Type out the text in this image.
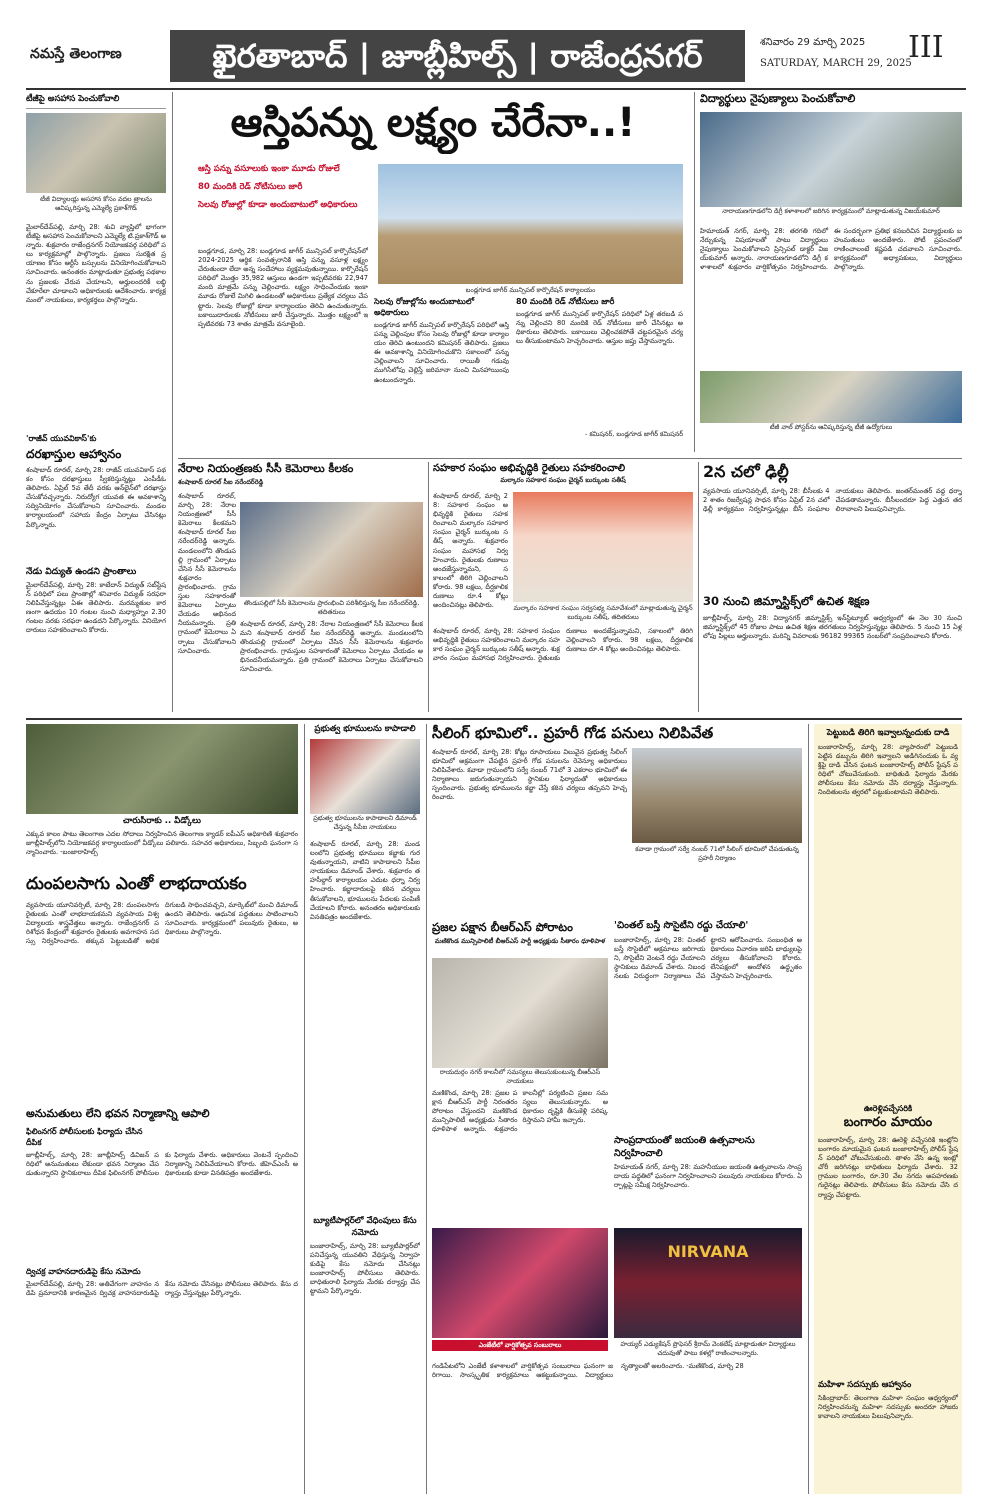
నమస్తే తెలంగాణ	ఖైరతాబాద్ | జూబ్లీహిల్స్ | రాజేంద్రనగర్	శనివారం 29 మార్చి 2025
SATURDAY, MARCH 29, 2025
III
టీజీపై అసహాస పెంచుకోవాలి
టీజీ విద్యాలయ్ల అసహాన కోసం వదల త్రాలను ఆవిష్కరిస్తున్న ఎమ్మెల్యే ప్రకాశ్‌గౌడ్
మైలార్‌దేవ్‌పల్లి, మార్చి 28: శుచి వ్యాప్తిలో భాగంగా టీజీపై అసహాన పెంచుకోవాలని ఎమ్మెల్యే టి.ప్రకాశ్‌గౌడ్ అన్నారు. శుక్రవారం రాజేంద్రనగర్ నియోజకవర్గ పరిధిలో పలు కార్యక్రమాల్లో పాల్గొన్నారు. ప్రజలు సురక్షిత ప్రయాణం కోసం ఆర్టీసీ బస్సులను వినియోగించుకోవాలని సూచించారు. అనంతరం మాట్లాడుతూ ప్రభుత్వ పథకాలను ప్రజలకు చేరువ చేయాలని, అర్హులందరికీ లబ్ధి చేకూరేలా చూడాలని అధికారులకు ఆదేశించారు. కార్యక్రమంలో నాయకులు, కార్యకర్తలు పాల్గొన్నారు.
'రాజీవ్ యువవికాస్'కు
దరఖాస్తుల ఆహ్వానం
శంషాబాద్ రూరల్, మార్చి 28: రాజీవ్ యువవికాస్ పథకం కోసం దరఖాస్తులు స్వీకరిస్తున్నట్లు ఎంపీడీఓ తెలిపారు. ఏప్రిల్ 5వ తేదీ వరకు ఆన్‌లైన్‌లో దరఖాస్తు చేసుకోవచ్చన్నారు. నిరుద్యోగ యువత ఈ అవకాశాన్ని సద్వినియోగం చేసుకోవాలని సూచించారు. మండల కార్యాలయంలో సహాయ కేంద్రం ఏర్పాటు చేసినట్లు పేర్కొన్నారు.
నేడు విద్యుత్ ఉండని ప్రాంతాలు
మైలార్‌దేవ్‌పల్లి, మార్చి 28: కాటేదాన్ విద్యుత్ సబ్‌స్టేషన్ పరిధిలో పలు ప్రాంతాల్లో శనివారం విద్యుత్ సరఫరా నిలిపివేస్తున్నట్లు ఏఈ తెలిపారు. మరమ్మతుల కారణంగా ఉదయం 10 గంటల నుంచి మధ్యాహ్నం 2.30 గంటల వరకు సరఫరా ఉండదని పేర్కొన్నారు. వినియోగదారులు సహకరించాలని కోరారు.
ఆస్తిపన్ను లక్ష్యం చేరేనా..!
ఆస్తి పన్ను వసూలుకు ఇంకా మూడు రోజులే
80 మందికి రెడ్ నోటీసులు జారీ
సెలవు రోజుల్లో కూడా అందుబాటులో అధికారులు
బండ్లగూడ జాగీర్ మున్సిపల్ కార్పొరేషన్ కార్యాలయం
బండ్లగూడ, మార్చి 28: బండ్లగూడ జాగీర్ మున్సిపల్ కార్పొరేషన్‌లో 2024-2025 ఆర్థిక సంవత్సరానికి ఆస్తి పన్ను వసూళ్ల లక్ష్యం చేరుతుందా లేదా అన్న సందేహాలు వ్యక్తమవుతున్నాయి. కార్పొరేషన్ పరిధిలో మొత్తం 35,982 ఆస్తులు ఉండగా ఇప్పటివరకు 22,947 మంది మాత్రమే పన్ను చెల్లించారు. లక్ష్యం సాధించేందుకు ఇంకా మూడు రోజులే మిగిలి ఉండటంతో అధికారులు ప్రత్యేక చర్యలు చేపట్టారు. సెలవు రోజుల్లో కూడా కార్యాలయం తెరిచి ఉంచుతున్నారు. బకాయిదారులకు నోటీసులు జారీ చేస్తున్నారు. మొత్తం లక్ష్యంలో ఇప్పటివరకు 73 శాతం మాత్రమే వసూలైంది.
సెలవు రోజుల్లోను అందుబాటులో అధికారులు
బండ్లగూడ జాగీర్ మున్సిపల్ కార్పొరేషన్ పరిధిలో ఆస్తి పన్ను చెల్లింపుల కోసం సెలవు రోజుల్లో కూడా కార్యాలయం తెరిచి ఉంటుందని కమిషనర్ తెలిపారు. ప్రజలు ఈ అవకాశాన్ని వినియోగించుకొని సకాలంలో పన్ను చెల్లించాలని సూచించారు. రాయితీ గడువు ముగిసేలోపు చెల్లిస్తే జరిమానా నుంచి మినహాయింపు ఉంటుందన్నారు.
80 మందికి రెడ్ నోటీసులు జారీ
బండ్లగూడ జాగీర్ మున్సిపల్ కార్పొరేషన్ పరిధిలో ఏళ్ల తరబడి పన్ను చెల్లించని 80 మందికి రెడ్ నోటీసులు జారీ చేసినట్లు అధికారులు తెలిపారు. బకాయిలు చెల్లించకపోతే చట్టపరమైన చర్యలు తీసుకుంటామని హెచ్చరించారు. ఆస్తుల జప్తు చేస్తామన్నారు.
- కమిషనర్, బండ్లగూడ జాగీర్ కమిషనర్
విద్యార్థులు నైపుణ్యాలు పెంచుకోవాలి
నారాయణగూడలోని డిగ్రీ కళాశాలలో జరిగిన కార్యక్రమంలో మాట్లాడుతున్న విజయ్‌కుమార్
హిమాయత్ నగర్, మార్చి 28: తరగతి గదిలో నేర్చుకున్న విషయాలతో పాటు విద్యార్థులు నైపుణ్యాలు పెంచుకోవాలని ప్రిన్సిపల్ డాక్టర్ విజయ్‌కుమార్ అన్నారు. నారాయణగూడలోని డిగ్రీ కళాశాలలో శుక్రవారం వార్షికోత్సవం నిర్వహించారు. ఈ సందర్భంగా ప్రతిభ కనబరిచిన విద్యార్థులకు బహుమతులు అందజేశారు. పోటీ ప్రపంచంలో రాణించాలంటే కష్టపడి చదవాలని సూచించారు. కార్యక్రమంలో అధ్యాపకులు, విద్యార్థులు పాల్గొన్నారు.
టీజీ వాల్ పోస్టర్‌ను ఆవిష్కరిస్తున్న టీజీ ఉద్యోగులు
నేరాల నియంత్రణకు సీసీ కెమెరాలు కీలకం
శంషాబాద్ రూరల్ సీఐ నరేందర్‌రెడ్డి
శంషాబాద్ రూరల్, మార్చి 28: నేరాల నియంత్రణలో సీసీ కెమెరాలు కీలకమని శంషాబాద్ రూరల్ సీఐ నరేందర్‌రెడ్డి అన్నారు. మండలంలోని తొండుపల్లి గ్రామంలో ఏర్పాటు చేసిన సీసీ కెమెరాలను శుక్రవారం ప్రారంభించారు. గ్రామస్తుల సహకారంతో కెమెరాలు ఏర్పాటు చేయడం అభినందనీయమన్నారు. ప్రతి గ్రామంలో కెమెరాలు ఏర్పాటు చేసుకోవాలని సూచించారు.
తొండుపల్లిలో సీసీ కెమెరాలను ప్రారంభించి పరిశీలిస్తున్న సీఐ నరేందర్‌రెడ్డి, తదితరులు
శంషాబాద్ రూరల్, మార్చి 28: నేరాల నియంత్రణలో సీసీ కెమెరాలు కీలకమని శంషాబాద్ రూరల్ సీఐ నరేందర్‌రెడ్డి అన్నారు. మండలంలోని తొండుపల్లి గ్రామంలో ఏర్పాటు చేసిన సీసీ కెమెరాలను శుక్రవారం ప్రారంభించారు. గ్రామస్తుల సహకారంతో కెమెరాలు ఏర్పాటు చేయడం అభినందనీయమన్నారు. ప్రతి గ్రామంలో కెమెరాలు ఏర్పాటు చేసుకోవాలని సూచించారు.
సహకార సంఘం అభివృద్ధికి రైతులు సహకరించాలి
మల్కారం సహకార సంఘం చైర్మన్ బుర్కుంట సతీష్
శంషాబాద్ రూరల్, మార్చి 28: సహకార సంఘం అభివృద్ధికి రైతులు సహకరించాలని మల్కారం సహకార సంఘం చైర్మన్ బుర్కుంట సతీష్ అన్నారు. శుక్రవారం సంఘం మహాసభ నిర్వహించారు. రైతులకు రుణాలు అందజేస్తున్నామని, సకాలంలో తిరిగి చెల్లించాలని కోరారు. 98 లక్షలు, దీర్ఘకాలిక రుణాలు రూ.4 కోట్లు అందించినట్లు తెలిపారు.	మల్కారం సహకార సంఘం సర్వసభ్య సమావేశంలో మాట్లాడుతున్న చైర్మన్ బుర్కుంట సతీష్, తదితరులు
శంషాబాద్ రూరల్, మార్చి 28: సహకార సంఘం అభివృద్ధికి రైతులు సహకరించాలని మల్కారం సహకార సంఘం చైర్మన్ బుర్కుంట సతీష్ అన్నారు. శుక్రవారం సంఘం మహాసభ నిర్వహించారు. రైతులకు రుణాలు అందజేస్తున్నామని, సకాలంలో తిరిగి చెల్లించాలని కోరారు. 98 లక్షలు, దీర్ఘకాలిక రుణాలు రూ.4 కోట్లు అందించినట్లు తెలిపారు.
2న చలో ఢిల్లీ
వ్యవసాయ యూనివర్సిటీ, మార్చి 28: బీసీలకు 42 శాతం రిజర్వేషన్ల సాధన కోసం ఏప్రిల్ 2న చలో ఢిల్లీ కార్యక్రమం నిర్వహిస్తున్నట్లు బీసీ సంఘాల నాయకులు తెలిపారు. జంతర్‌మంతర్ వద్ద ధర్నా చేపడతామన్నారు. బీసీలందరూ పెద్ద ఎత్తున తరలిరావాలని పిలుపునిచ్చారు.
30 నుంచి జిమ్నాస్టిక్స్‌లో ఉచిత శిక్షణ
జూబ్లీహిల్స్, మార్చి 28: విద్యానగర్ జిమ్నాస్టిక్స్ ఇన్‌స్టిట్యూట్ ఆధ్వర్యంలో ఈ నెల 30 నుంచి జిమ్నాస్టిక్స్‌లో 45 రోజుల పాటు ఉచిత శిక్షణ తరగతులు నిర్వహిస్తున్నట్లు తెలిపారు. 5 నుంచి 15 ఏళ్ల లోపు పిల్లలు అర్హులన్నారు. మరిన్ని వివరాలకు 96182 99365 నంబర్‌లో సంప్రదించాలని కోరారు.
చారుసీరాకు .. వీడ్కోలు
ఎక్కువ కాలం పాటు తెలంగాణ ఎదల సోదాలు నిర్వహించిన తెలంగాణ క్యాడర్ ఐపీఎస్ అధికారిణి శుక్రవారం జూబ్లీహిల్స్‌లోని నియోజకవర్గ కార్యాలయంలో వీడ్కోలు పలికారు. సహచర అధికారులు, సిబ్బంది ఘనంగా సన్మానించారు. -బంజారాహిల్స్
దుంపలసాగు ఎంతో లాభదాయకం
వ్యవసాయ యూనివర్సిటీ, మార్చి 28: దుంపలసాగు రైతులకు ఎంతో లాభదాయకమని వ్యవసాయ విశ్వవిద్యాలయ శాస్త్రవేత్తలు అన్నారు. రాజేంద్రనగర్ పరిశోధన కేంద్రంలో శుక్రవారం రైతులకు అవగాహన సదస్సు నిర్వహించారు. తక్కువ పెట్టుబడితో అధిక దిగుబడి సాధించవచ్చని, మార్కెట్‌లో మంచి డిమాండ్ ఉందని తెలిపారు. ఆధునిక పద్ధతులు పాటించాలని సూచించారు. కార్యక్రమంలో పలువురు రైతులు, అధికారులు పాల్గొన్నారు.
అనుమతులు లేని భవన నిర్మాణాన్ని ఆపాలి
ఫిలింనగర్ పోలీసులకు ఫిర్యాదు చేసిన దీపిక
జూబ్లీహిల్స్, మార్చి 28: జూబ్లీహిల్స్ డివిజన్ పరిధిలో అనుమతులు లేకుండా భవన నిర్మాణం చేపడుతున్నారని స్థానికురాలు దీపిక ఫిలింనగర్ పోలీసులకు ఫిర్యాదు చేశారు. అధికారులు వెంటనే స్పందించి నిర్మాణాన్ని నిలిపివేయాలని కోరారు. జీహెచ్‌ఎంసీ అధికారులకు కూడా వినతిపత్రం అందజేశారు.
ద్విచక్ర వాహనదారుడిపై కేసు నమోదు
మైలార్‌దేవ్‌పల్లి, మార్చి 28: అతివేగంగా వాహనం నడిపి ప్రమాదానికి కారణమైన ద్విచక్ర వాహనదారుడిపై కేసు నమోదు చేసినట్లు పోలీసులు తెలిపారు. కేసు దర్యాప్తు చేస్తున్నట్లు పేర్కొన్నారు.
ప్రభుత్వ భూములను కాపాడాలి
ప్రభుత్వ భూములను కాపాడాలని డిమాండ్ చేస్తున్న సీపీఐ నాయకులు
శంషాబాద్ రూరల్, మార్చి 28: మండలంలోని ప్రభుత్వ భూములు కబ్జాకు గురవుతున్నాయని, వాటిని కాపాడాలని సీపీఐ నాయకులు డిమాండ్ చేశారు. శుక్రవారం తహసీల్దార్ కార్యాలయం ఎదుట ధర్నా నిర్వహించారు. కబ్జాదారులపై కఠిన చర్యలు తీసుకోవాలని, భూములను పేదలకు పంపిణీ చేయాలని కోరారు. అనంతరం అధికారులకు వినతిపత్రం అందజేశారు.
బ్యూటీపార్లర్‌లో వేధింపులు కేసు నమోదు
బంజారాహిల్స్, మార్చి 28: బ్యూటీపార్లర్‌లో పనిచేస్తున్న యువతిని వేధిస్తున్న నిర్వాహకుడిపై కేసు నమోదు చేసినట్లు బంజారాహిల్స్ పోలీసులు తెలిపారు. బాధితురాలి ఫిర్యాదు మేరకు దర్యాప్తు చేపట్టామని పేర్కొన్నారు.
సీలింగ్ భూమిలో.. ప్రహరీ గోడ పనులు నిలిపివేత
శంషాబాద్ రూరల్, మార్చి 28: కోట్లు రూపాయలు విలువైన ప్రభుత్వ సీలింగ్ భూమిలో అక్రమంగా చేపట్టిన ప్రహరీ గోడ పనులను రెవెన్యూ అధికారులు నిలిపివేశారు. కవాడా గ్రామంలోని సర్వే నంబర్ 71లో 3 ఎకరాల భూమిలో ఈ నిర్మాణాలు జరుగుతున్నాయని స్థానికుల ఫిర్యాదుతో అధికారులు స్పందించారు. ప్రభుత్వ భూములను కబ్జా చేస్తే కఠిన చర్యలు తప్పవని హెచ్చరించారు.
కవాడా గ్రామంలో సర్వే నంబర్ 71లో సీలింగ్ భూమిలో చేపడుతున్న ప్రహరీ నిర్మాణం
ప్రజల పక్షాన బీఆర్ఎస్ పోరాటం
మణికొండ మున్సిపాలిటీ బీఆర్ఎస్ పార్టీ అధ్యక్షుడు సీతారం ధూళిపాళ
రాయదుర్గం నగర్ కాలనీలో సమస్యలు తెలుసుకుంటున్న బీఆర్ఎస్ నాయకులు
మణికొండ, మార్చి 28: ప్రజల పక్షాన బీఆర్ఎస్ పార్టీ నిరంతరం పోరాటం చేస్తుందని మణికొండ మున్సిపాలిటీ అధ్యక్షుడు సీతారం ధూళిపాళ అన్నారు. శుక్రవారం కాలనీల్లో పర్యటించి ప్రజల సమస్యలు తెలుసుకున్నారు. అధికారుల దృష్టికి తీసుకెళ్లి పరిష్కరిస్తామని హామీ ఇచ్చారు.
'చింతల్ బస్తీ సొసైటీని రద్దు చేయాలి'
బంజారాహిల్స్, మార్చి 28: చింతల్ బస్తీ సొసైటీలో అక్రమాలు జరిగాయని, సొసైటీని వెంటనే రద్దు చేయాలని స్థానికులు డిమాండ్ చేశారు. నిబంధనలకు విరుద్ధంగా నిర్మాణాలు చేపట్టారని ఆరోపించారు. సంబంధిత అధికారులు విచారణ జరిపి బాధ్యులపై చర్యలు తీసుకోవాలని కోరారు. లేనిపక్షంలో ఆందోళన ఉద్ధృతం చేస్తామని హెచ్చరించారు.
సాంప్రదాయంతో జయంతి ఉత్సవాలను నిర్వహించాలి
హిమాయత్ నగర్, మార్చి 28: మహనీయుల జయంతి ఉత్సవాలను సాంప్రదాయ పద్ధతిలో ఘనంగా నిర్వహించాలని పలువురు నాయకులు కోరారు. ఏర్పాట్లపై సమీక్ష నిర్వహించారు.
ఎంజేటీలో వార్షికోత్సవ సంబురాలు
NIRVANA
హయ్యర్ ఎడ్యుకేషన్ ప్రొఫెసర్ శ్రీరామ్ వెంకటేష్ మాట్లాడుతూ విద్యార్థులు చదువుతో పాటు కళల్లో రాణించాలన్నారు.
గండిపేటలోని ఎంజేటీ కళాశాలలో వార్షికోత్సవ సంబురాలు ఘనంగా జరిగాయి. సాంస్కృతిక కార్యక్రమాలు ఆకట్టుకున్నాయి. విద్యార్థులు నృత్యాలతో అలరించారు. -మణికొండ, మార్చి 28
పెట్టుబడి తిరిగి ఇవ్వాలన్నందుకు దాడి
బంజారాహిల్స్, మార్చి 28: వ్యాపారంలో పెట్టుబడి పెట్టిన డబ్బును తిరిగి ఇవ్వాలని అడిగినందుకు ఓ వ్యక్తిపై దాడి చేసిన ఘటన బంజారాహిల్స్ పోలీస్ స్టేషన్ పరిధిలో చోటుచేసుకుంది. బాధితుడి ఫిర్యాదు మేరకు పోలీసులు కేసు నమోదు చేసి దర్యాప్తు చేస్తున్నారు. నిందితులను త్వరలో పట్టుకుంటామని తెలిపారు.
ఊరెళ్లివచ్చేసరికి
బంగారం మాయం
బంజారాహిల్స్, మార్చి 28: ఊరెళ్లి వచ్చేసరికి ఇంట్లోని బంగారం మాయమైన ఘటన బంజారాహిల్స్ పోలీస్ స్టేషన్ పరిధిలో చోటుచేసుకుంది. తాళం వేసి ఉన్న ఇంట్లో చోరీ జరిగినట్లు బాధితులు ఫిర్యాదు చేశారు. 32 గ్రాముల బంగారం, రూ.30 వేల నగదు అపహరణకు గురైనట్లు తెలిపారు. పోలీసులు కేసు నమోదు చేసి దర్యాప్తు చేపట్టారు.
మహిళా సదస్సుకు ఆహ్వానం
సికింద్రాబాద్: తెలంగాణ మహిళా సంఘం ఆధ్వర్యంలో నిర్వహించనున్న మహిళా సదస్సుకు అందరూ హాజరు కావాలని నాయకులు పిలుపునిచ్చారు.
